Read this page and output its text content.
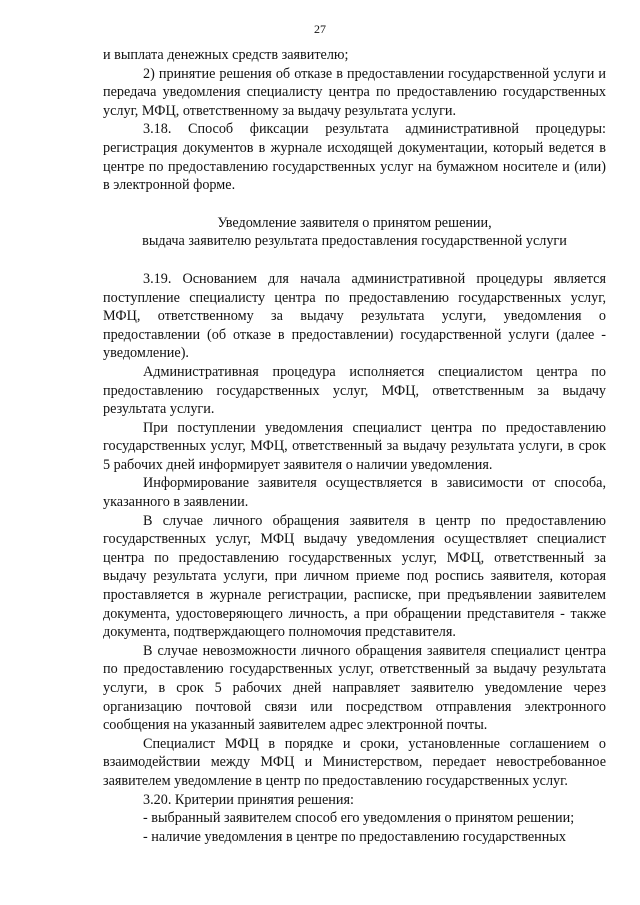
27

и выплата денежных средств заявителю;

2) принятие решения об отказе в предоставлении государственной услуги и передача уведомления специалисту центра по предоставлению государственных услуг, МФЦ, ответственному за выдачу результата услуги.

3.18. Способ фиксации результата административной процедуры: регистрация документов в журнале исходящей документации, который ведется в центре по предоставлению государственных услуг на бумажном носителе и (или) в электронной форме.

Уведомление заявителя о принятом решении,
выдача заявителю результата предоставления государственной услуги

3.19. Основанием для начала административной процедуры является поступление специалисту центра по предоставлению государственных услуг, МФЦ, ответственному за выдачу результата услуги, уведомления о предоставлении (об отказе в предоставлении) государственной услуги (далее - уведомление).

Административная процедура исполняется специалистом центра по предоставлению государственных услуг, МФЦ, ответственным за выдачу результата услуги.

При поступлении уведомления специалист центра по предоставлению государственных услуг, МФЦ, ответственный за выдачу результата услуги, в срок 5 рабочих дней информирует заявителя о наличии уведомления.

Информирование заявителя осуществляется в зависимости от способа, указанного в заявлении.

В случае личного обращения заявителя в центр по предоставлению государственных услуг, МФЦ выдачу уведомления осуществляет специалист центра по предоставлению государственных услуг, МФЦ, ответственный за выдачу результата услуги, при личном приеме под роспись заявителя, которая проставляется в журнале регистрации, расписке, при предъявлении заявителем документа, удостоверяющего личность, а при обращении представителя - также документа, подтверждающего полномочия представителя.

В случае невозможности личного обращения заявителя специалист центра по предоставлению государственных услуг, ответственный за выдачу результата услуги, в срок 5 рабочих дней направляет заявителю уведомление через организацию почтовой связи или посредством отправления электронного сообщения на указанный заявителем адрес электронной почты.

Специалист МФЦ в порядке и сроки, установленные соглашением о взаимодействии между МФЦ и Министерством, передает невостребованное заявителем уведомление в центр по предоставлению государственных услуг.

3.20. Критерии принятия решения:

- выбранный заявителем способ его уведомления о принятом решении;

- наличие уведомления в центре по предоставлению государственных
